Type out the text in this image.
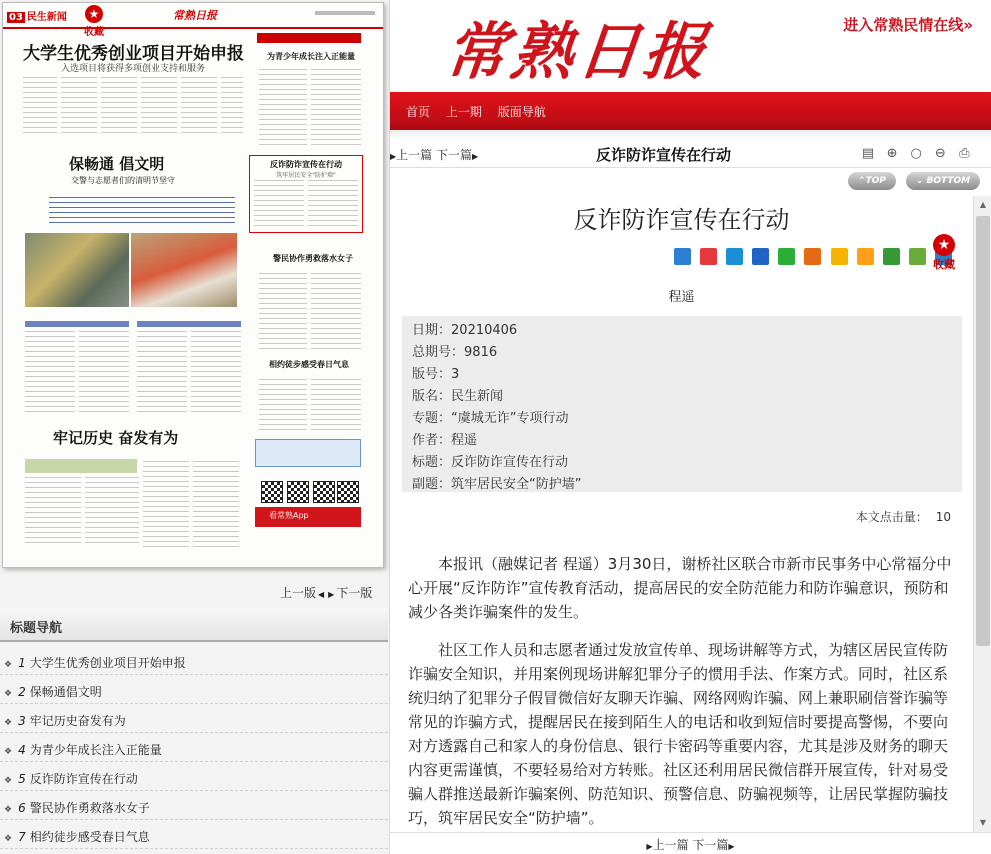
03 民生新闻	★
收藏
常熟日报
大学生优秀创业项目开始申报
入选项目将获得多项创业支持和服务
为青少年成长注入正能量
保畅通 倡文明
交警与志愿者们的清明节坚守
反诈防诈宣传在行动
筑牢居民安全"防护墙"
警民协作勇救落水女子
相约徒步感受春日气息
牢记历史 奋发有为
看常熟App
上一版 ◀ ▶ 下一版
标题导航
❖ 1 大学生优秀创业项目开始申报
❖ 2 保畅通倡文明
❖ 3 牢记历史奋发有为
❖ 4 为青少年成长注入正能量
❖ 5 反诈防诈宣传在行动
❖ 6 警民协作勇救落水女子
❖ 7 相约徒步感受春日气息
常熟日报	进入常熟民情在线»
首页 上一期 版面导航
▶上一篇 下一篇▶	反诈防诈宣传在行动	▤ ⊕ ○ ⊖ ⎙
⌃TOP	⌄ BOTTOM
反诈防诈宣传在行动

★
收藏
程遥
日期：20210406
总期号：9816
版号：3
版名：民生新闻
专题：“虞城无诈”专项行动
作者：程遥
标题：反诈防诈宣传在行动
副题：筑牢居民安全“防护墙”
本文点击量： 10

本报讯（融媒记者 程遥）3月30日，谢桥社区联合市新市民事务中心常福分中心开展“反诈防诈”宣传教育活动，提高居民的安全防范能力和防诈骗意识，预防和减少各类诈骗案件的发生。

社区工作人员和志愿者通过发放宣传单、现场讲解等方式，为辖区居民宣传防诈骗安全知识，并用案例现场讲解犯罪分子的惯用手法、作案方式。同时，社区系统归纳了犯罪分子假冒微信好友聊天诈骗、网络网购诈骗、网上兼职刷信誉诈骗等常见的诈骗方式，提醒居民在接到陌生人的电话和收到短信时要提高警惕，不要向对方透露自己和家人的身份信息、银行卡密码等重要内容，尤其是涉及财务的聊天内容更需谨慎，不要轻易给对方转账。社区还利用居民微信群开展宣传，针对易受骗人群推送最新诈骗案例、防范知识、预警信息、防骗视频等，让居民掌握防骗技巧，筑牢居民安全“防护墙”。

▲
▼
▶上一篇 下一篇▶
